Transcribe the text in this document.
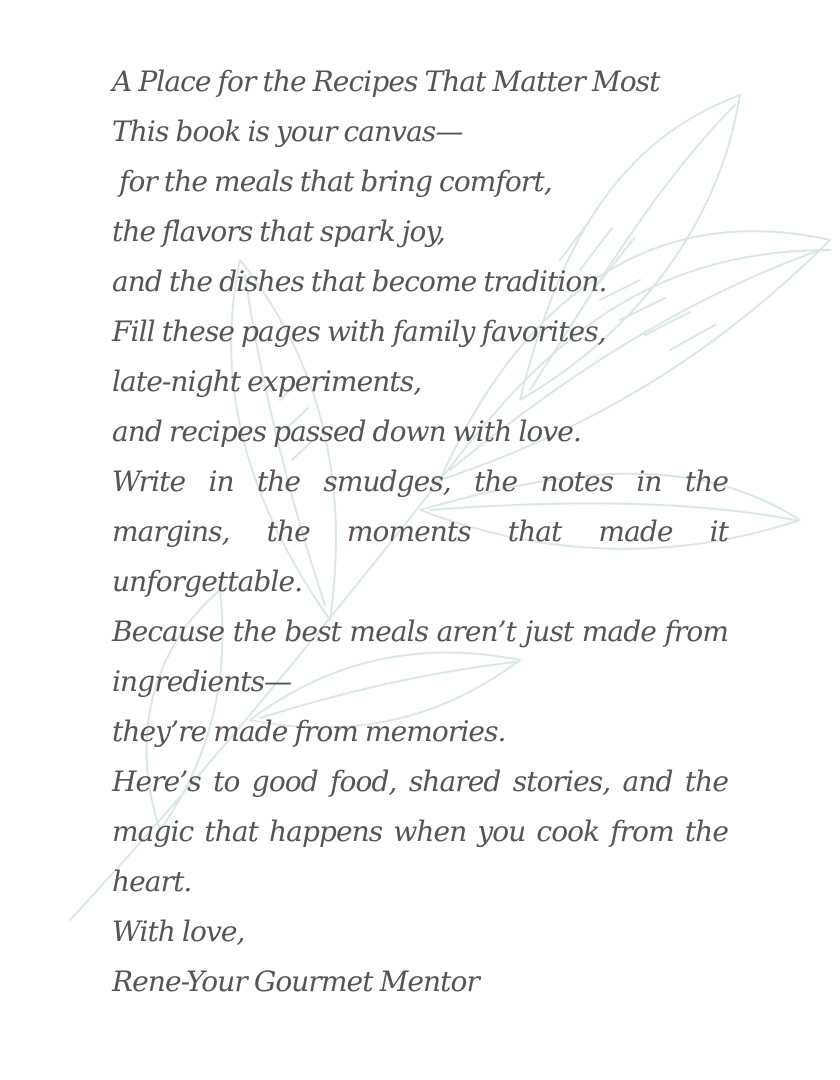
A Place for the Recipes That Matter Most
This book is your canvas—
for the meals that bring comfort,
the flavors that spark joy,
and the dishes that become tradition.
Fill these pages with family favorites,
late-night experiments,
and recipes passed down with love.
Write in the smudges, the notes in the margins, the moments that made it unforgettable.
Because the best meals aren’t just made from ingredients—
they’re made from memories.
Here’s to good food, shared stories, and the magic that happens when you cook from the heart.
With love,
Rene-Your Gourmet Mentor
